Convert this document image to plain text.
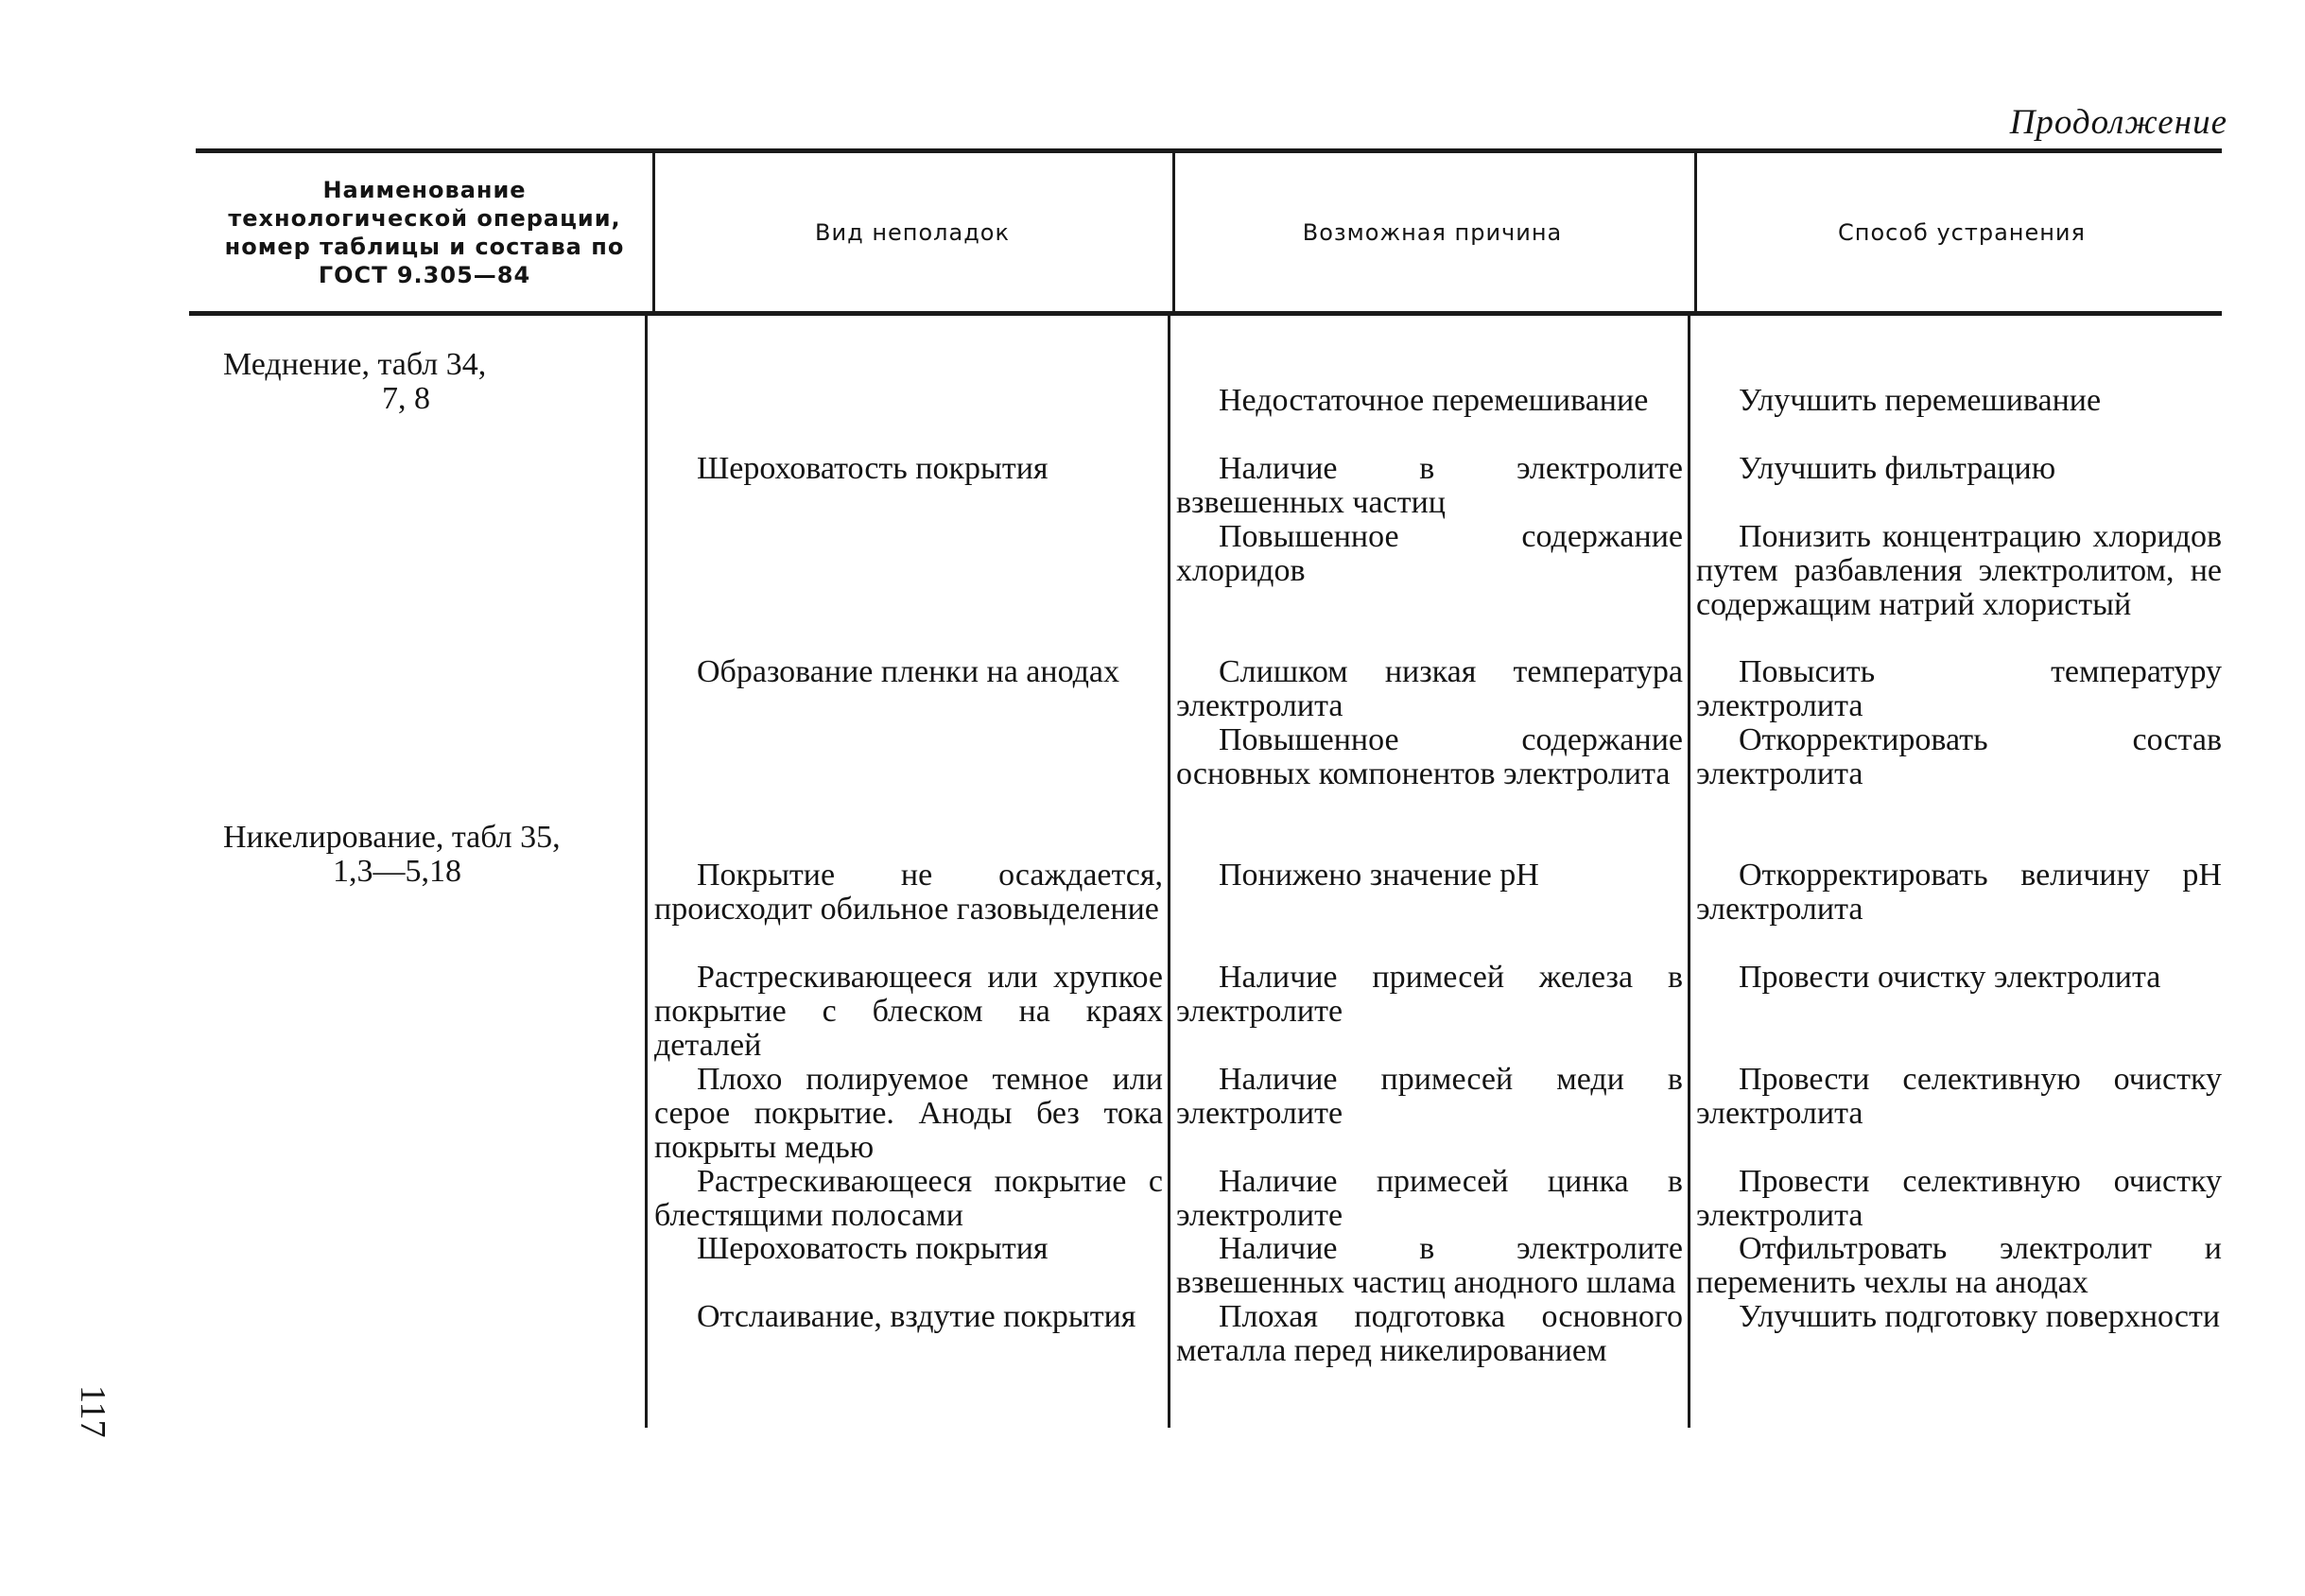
Продолжение
Наименование технологической операции, номер таблицы и состава по ГОСТ 9.305—84
Вид неполадок	Возможная причина	Способ устранения
Меднение, табл 34,
7, 8
Никелирование, табл 35,
1,3—5,18
Шероховатость покрытия
Образование пленки на анодах
Покрытие не осаждается, происходит обильное газовыделение
Растрескивающееся или хрупкое покрытие с блеском на краях деталей
Плохо полируемое темное или серое покрытие. Аноды без тока покрыты медью
Растрескивающееся покрытие с блестящими полосами
Шероховатость покрытия
Отслаивание, вздутие покрытия
Недостаточное перемешивание
Наличие в электролите взвешенных частиц
Повышенное содержание хлоридов
Слишком низкая температура электролита
Повышенное содержание основных компонентов электролита
Понижено значение pH
Наличие примесей железа в электролите
Наличие примесей меди в электролите
Наличие примесей цинка в электролите
Наличие в электролите взвешенных частиц анодного шлама
Плохая подготовка основного металла перед никелированием
Улучшить перемешивание
Улучшить фильтрацию
Понизить концентрацию хлоридов путем разбавления электролитом, не содержащим натрий хлористый
Повысить температуру электролита
Откорректировать состав электролита
Откорректировать величину pH электролита
Провести очистку электролита
Провести селективную очистку электролита
Провести селективную очистку электролита
Отфильтровать электролит и переменить чехлы на анодах
Улучшить подготовку поверхности
117
